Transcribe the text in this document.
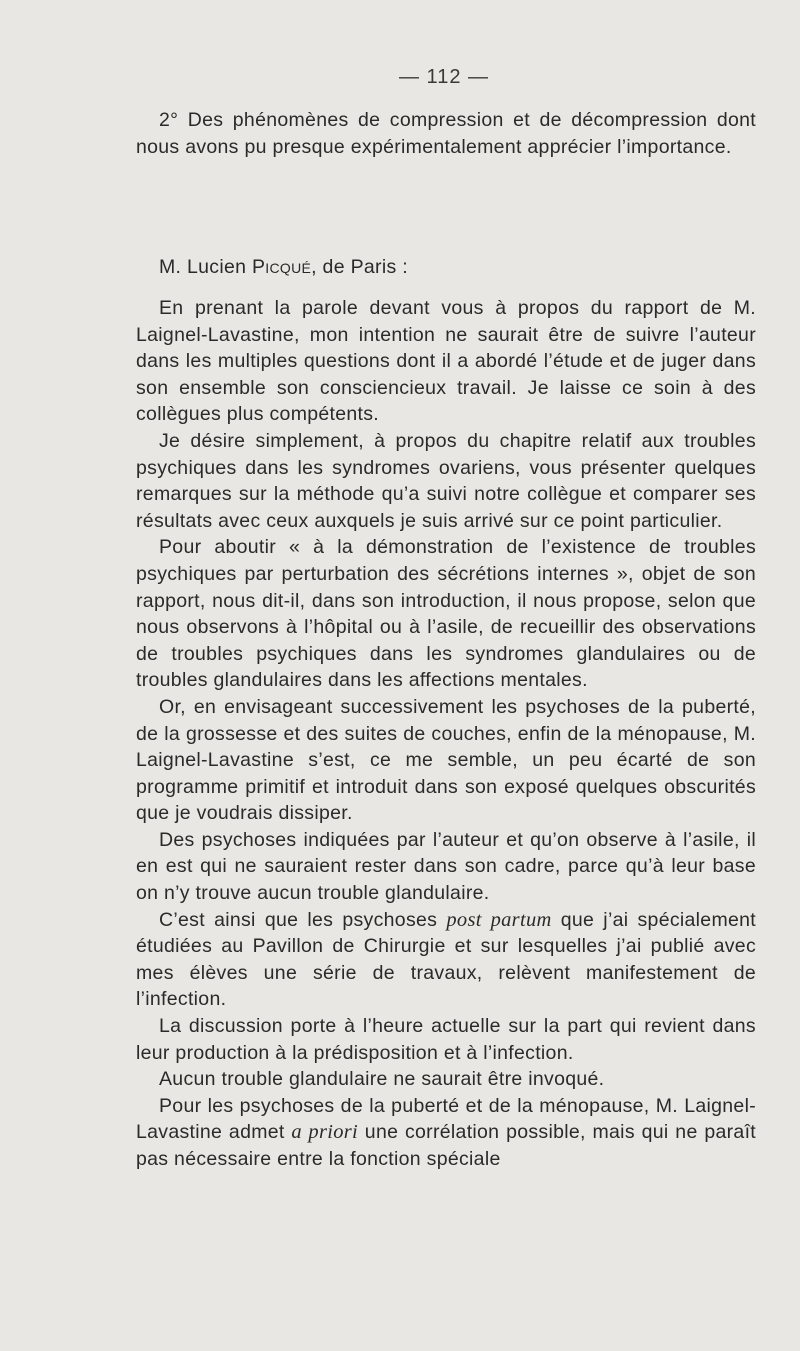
— 112 —

2° Des phénomènes de compression et de décompression dont nous avons pu presque expérimentalement apprécier l’importance.

M. Lucien Picqué, de Paris :

En prenant la parole devant vous à propos du rapport de M. Laignel-Lavastine, mon intention ne saurait être de suivre l’auteur dans les multiples questions dont il a abordé l’étude et de juger dans son ensemble son consciencieux travail. Je laisse ce soin à des collègues plus compétents.

Je désire simplement, à propos du chapitre relatif aux troubles psychiques dans les syndromes ovariens, vous présenter quelques remarques sur la méthode qu’a suivi notre collègue et comparer ses résultats avec ceux auxquels je suis arrivé sur ce point particulier.

Pour aboutir « à la démonstration de l’existence de troubles psychiques par perturbation des sécrétions internes », objet de son rapport, nous dit-il, dans son introduction, il nous propose, selon que nous observons à l’hôpital ou à l’asile, de recueillir des observations de troubles psychiques dans les syndromes glandulaires ou de troubles glandulaires dans les affections mentales.

Or, en envisageant successivement les psychoses de la puberté, de la grossesse et des suites de couches, enfin de la ménopause, M. Laignel-Lavastine s’est, ce me semble, un peu écarté de son programme primitif et introduit dans son exposé quelques obscurités que je voudrais dissiper.

Des psychoses indiquées par l’auteur et qu’on observe à l’asile, il en est qui ne sauraient rester dans son cadre, parce qu’à leur base on n’y trouve aucun trouble glandulaire.

C’est ainsi que les psychoses post partum que j’ai spécialement étudiées au Pavillon de Chirurgie et sur lesquelles j’ai publié avec mes élèves une série de travaux, relèvent manifestement de l’infection.

La discussion porte à l’heure actuelle sur la part qui revient dans leur production à la prédisposition et à l’infection.

Aucun trouble glandulaire ne saurait être invoqué.

Pour les psychoses de la puberté et de la ménopause, M. Laignel-Lavastine admet a priori une corrélation possible, mais qui ne paraît pas nécessaire entre la fonction spéciale
